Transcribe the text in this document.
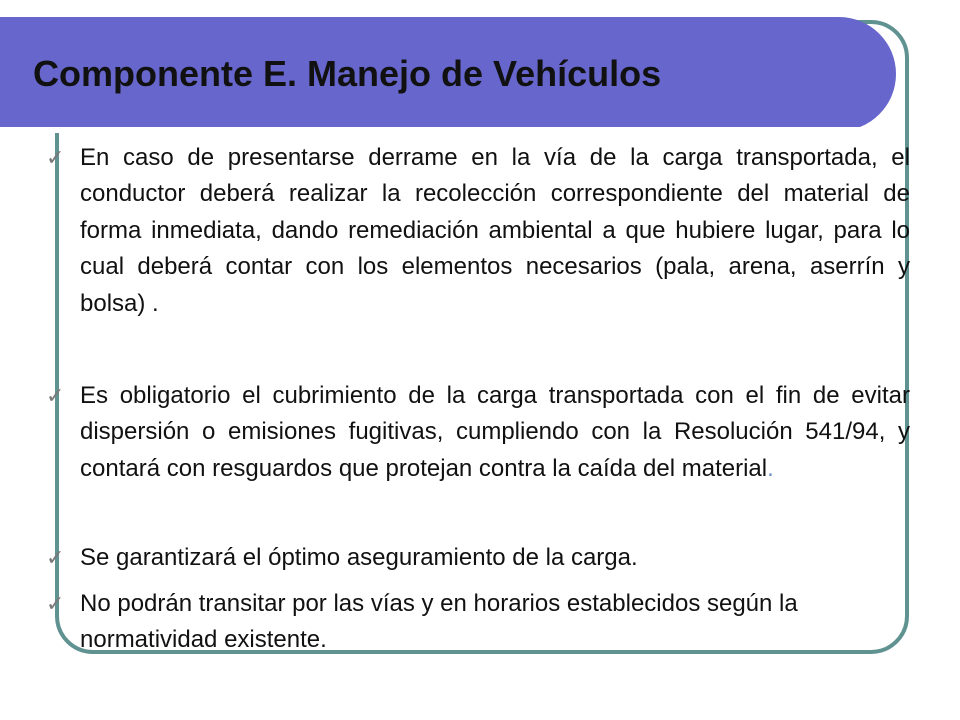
Componente E. Manejo de Vehículos
✓ En caso de presentarse derrame en la vía de la carga transportada, el conductor deberá realizar la recolección correspondiente del material de forma inmediata, dando remediación ambiental a que hubiere lugar, para lo cual deberá contar con los elementos necesarios (pala, arena, aserrín y bolsa) .

✓ Es obligatorio el cubrimiento de la carga transportada con el fin de evitar dispersión o emisiones fugitivas, cumpliendo con la Resolución 541/94, y contará con resguardos que protejan contra la caída del material.

✓ Se garantizará el óptimo aseguramiento de la carga.

✓ No podrán transitar por las vías y en horarios establecidos según la normatividad existente.
